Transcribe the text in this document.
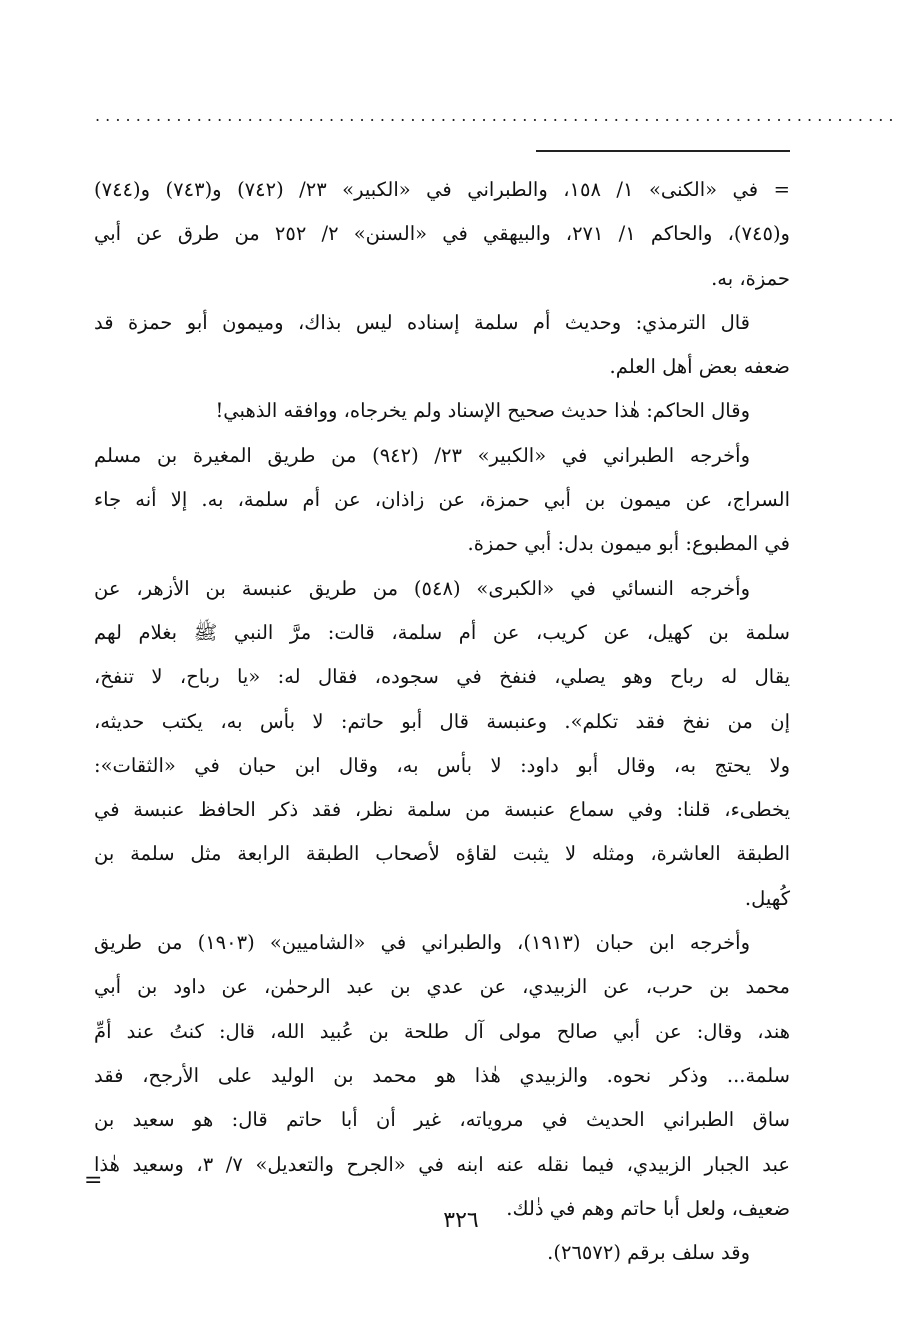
. . . . . . . . . . . . . . . . . . . . . . . . . . . . . . . . . . . . . . . . . . . . . . . . . . . . . . . . . . . . . . . . . . . . . . . . . . . . . . .

= في «الكنى» ١/ ١٥٨، والطبراني في «الكبير» ٢٣/ (٧٤٢) و(٧٤٣) و(٧٤٤)
و(٧٤٥)، والحاكم ١/ ٢٧١، والبيهقي في «السنن» ٢/ ٢٥٢ من طرق عن أبي
حمزة، به.

قال الترمذي: وحديث أم سلمة إسناده ليس بذاك، وميمون أبو حمزة قد
ضعفه بعض أهل العلم.

وقال الحاكم: هٰذا حديث صحيح الإسناد ولم يخرجاه، ووافقه الذهبي!

وأخرجه الطبراني في «الكبير» ٢٣/ (٩٤٢) من طريق المغيرة بن مسلم
السراج، عن ميمون بن أبي حمزة، عن زاذان، عن أم سلمة، به. إلا أنه جاء
في المطبوع: أبو ميمون بدل: أبي حمزة.

وأخرجه النسائي في «الكبرى» (٥٤٨) من طريق عنبسة بن الأزهر، عن
سلمة بن كهيل، عن كريب، عن أم سلمة، قالت: مرَّ النبي ﷺ بغلام لهم
يقال له رباح وهو يصلي، فنفخ في سجوده، فقال له: «يا رباح، لا تنفخ،
إن من نفخ فقد تكلم». وعنبسة قال أبو حاتم: لا بأس به، يكتب حديثه،
ولا يحتج به، وقال أبو داود: لا بأس به، وقال ابن حبان في «الثقات»:
يخطىء، قلنا: وفي سماع عنبسة من سلمة نظر، فقد ذكر الحافظ عنبسة في
الطبقة العاشرة، ومثله لا يثبت لقاؤه لأصحاب الطبقة الرابعة مثل سلمة بن
كُهيل.

وأخرجه ابن حبان (١٩١٣)، والطبراني في «الشاميين» (١٩٠٣) من طريق
محمد بن حرب، عن الزبيدي، عن عدي بن عبد الرحمٰن، عن داود بن أبي
هند، وقال: عن أبي صالح مولى آل طلحة بن عُبيد الله، قال: كنتُ عند أمِّ
سلمة... وذكر نحوه. والزبيدي هٰذا هو محمد بن الوليد على الأرجح، فقد
ساق الطبراني الحديث في مروياته، غير أن أبا حاتم قال: هو سعيد بن
عبد الجبار الزبيدي، فيما نقله عنه ابنه في «الجرح والتعديل» ٧/ ٣، وسعيد هٰذا
ضعيف، ولعل أبا حاتم وهم في ذٰلك.

وقد سلف برقم (٢٦٥٧٢).

=
٣٢٦
